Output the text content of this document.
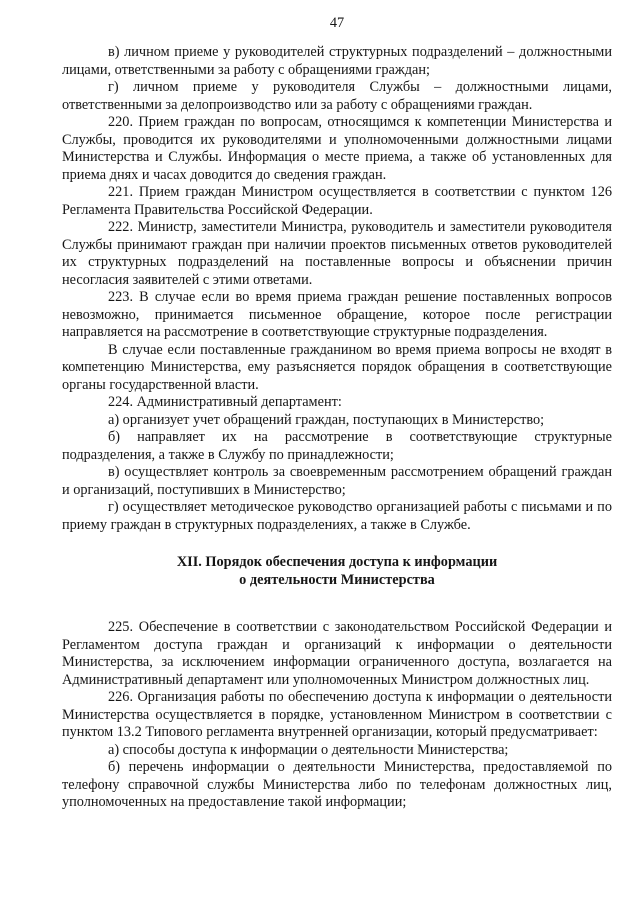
47

в) личном приеме у руководителей структурных подразделений – должностными лицами, ответственными за работу с обращениями граждан;

г) личном приеме у руководителя Службы – должностными лицами, ответственными за делопроизводство или за работу с обращениями граждан.

220. Прием граждан по вопросам, относящимся к компетенции Министерства и Службы, проводится их руководителями и уполномоченными должностными лицами Министерства и Службы. Информация о месте приема, а также об установленных для приема днях и часах доводится до сведения граждан.

221. Прием граждан Министром осуществляется в соответствии с пунктом 126 Регламента Правительства Российской Федерации.

222. Министр, заместители Министра, руководитель и заместители руководителя Службы принимают граждан при наличии проектов письменных ответов руководителей их структурных подразделений на поставленные вопросы и объяснении причин несогласия заявителей с этими ответами.

223. В случае если во время приема граждан решение поставленных вопросов невозможно, принимается письменное обращение, которое после регистрации направляется на рассмотрение в соответствующие структурные подразделения.

В случае если поставленные гражданином во время приема вопросы не входят в компетенцию Министерства, ему разъясняется порядок обращения в соответствующие органы государственной власти.

224. Административный департамент:

а) организует учет обращений граждан, поступающих в Министерство;

б) направляет их на рассмотрение в соответствующие структурные подразделения, а также в Службу по принадлежности;

в) осуществляет контроль за своевременным рассмотрением обращений граждан и организаций, поступивших в Министерство;

г) осуществляет методическое руководство организацией работы с письмами и по приему граждан в структурных подразделениях, а также в Службе.

XII. Порядок обеспечения доступа к информации
о деятельности Министерства

225. Обеспечение в соответствии с законодательством Российской Федерации и Регламентом доступа граждан и организаций к информации о деятельности Министерства, за исключением информации ограниченного доступа, возлагается на Административный департамент или уполномоченных Министром должностных лиц.

226. Организация работы по обеспечению доступа к информации о деятельности Министерства осуществляется в порядке, установленном Министром в соответствии с пунктом 13.2 Типового регламента внутренней организации, который предусматривает:

а) способы доступа к информации о деятельности Министерства;

б) перечень информации о деятельности Министерства, предоставляемой по телефону справочной службы Министерства либо по телефонам должностных лиц, уполномоченных на предоставление такой информации;
